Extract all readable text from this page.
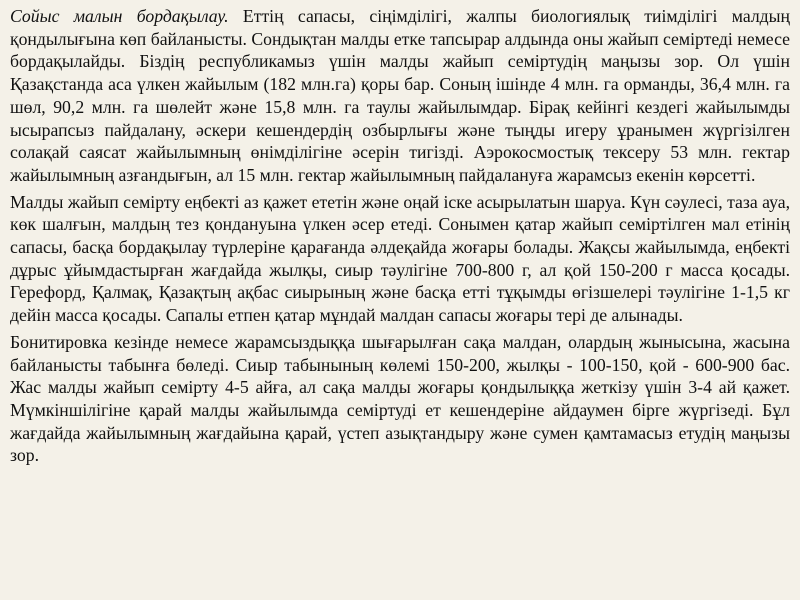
Сойыс малын бордақылау. Еттің сапасы, сіңімділігі, жалпы биологиялық тиімділігі малдың қондылығына көп байланысты. Сондықтан малды етке тапсырар алдында оны жайып семіртеді немесе бордақылайды. Біздің республикамыз үшін малды жайып семіртудің маңызы зор. Ол үшін Қазақстанда аса үлкен жайылым (182 млн.га) қоры бар. Соның ішінде 4 млн. га орманды, 36,4 млн. га шөл, 90,2 млн. га шөлейт және 15,8 млн. га таулы жайылымдар. Бірақ кейінгі кездегі жайылымды ысырапсыз пайдалану, әскери кешендердің озбырлығы және тыңды игеру ұранымен жүргізілген солақай саясат жайылымның өнімділігіне әсерін тигізді. Аэрокосмостық тексеру 53 млн. гектар жайылымның азғандығын, ал 15 млн. гектар жайылымның пайдалануға жарамсыз екенін көрсетті.

Малды жайып семірту еңбекті аз қажет ететін және оңай іске асырылатын шаруа. Күн сәулесі, таза ауа, көк шалғын, малдың тез қондануына үлкен әсер етеді. Сонымен қатар жайып семіртілген мал етінің сапасы, басқа бордақылау түрлеріне қарағанда әлдеқайда жоғары болады. Жақсы жайылымда, еңбекті дұрыс ұйымдастырған жағдайда жылқы, сиыр тәулігіне 700-800 г, ал қой 150-200 г масса қосады. Герефорд, Қалмақ, Қазақтың ақбас сиырының және басқа етті тұқымды өгізшелері тәулігіне 1-1,5 кг дейін масса қосады. Сапалы етпен қатар мұндай малдан сапасы жоғары тері де алынады.

Бонитировка кезінде немесе жарамсыздыққа шығарылған сақа малдан, олардың жынысына, жасына байланысты табынға бөледі. Сиыр табынының көлемі 150-200, жылқы - 100-150, қой - 600-900 бас. Жас малды жайып семірту 4-5 айға, ал сақа малды жоғары қондылыққа жеткізу үшін 3-4 ай қажет. Мүмкіншілігіне қарай малды жайылымда семіртуді ет кешендеріне айдаумен бірге жүргізеді. Бұл жағдайда жайылымның жағдайына қарай, үстеп азықтандыру және сумен қамтамасыз етудің маңызы зор.
